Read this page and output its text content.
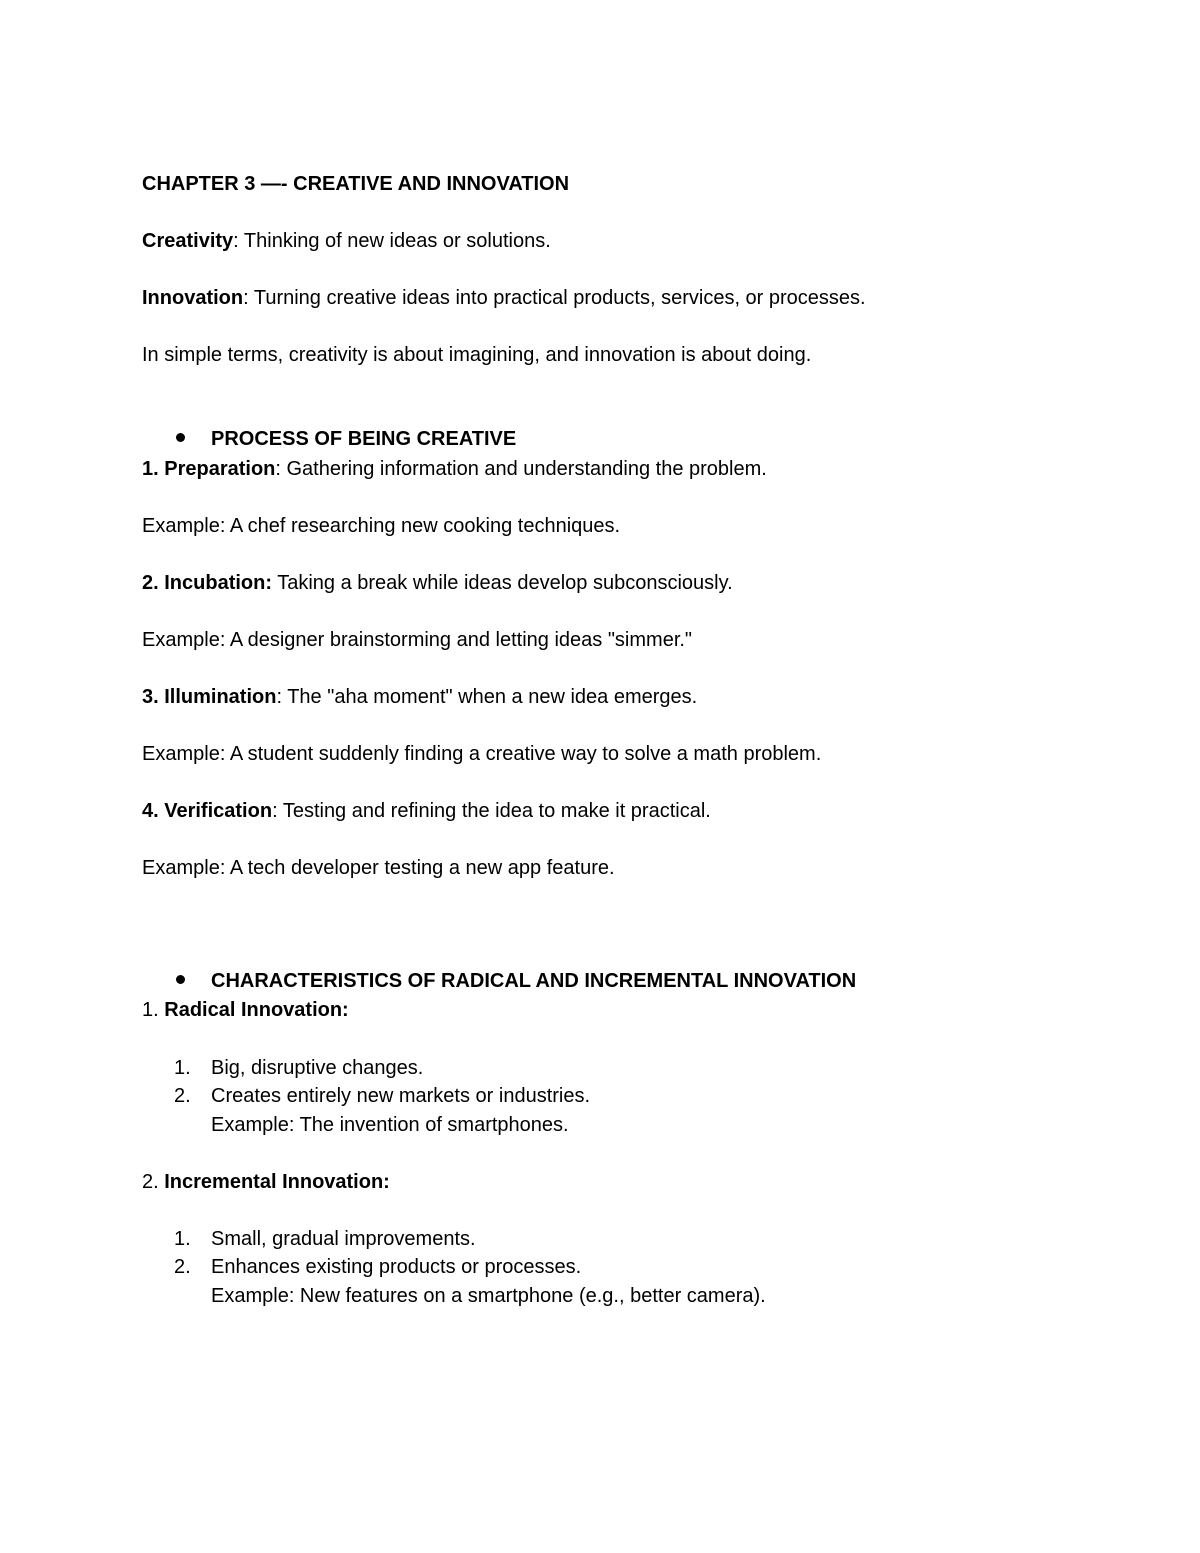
CHAPTER 3 —- CREATIVE AND INNOVATION
Creativity: Thinking of new ideas or solutions.
Innovation: Turning creative ideas into practical products, services, or processes.
In simple terms, creativity is about imagining, and innovation is about doing.
PROCESS OF BEING CREATIVE
1. Preparation: Gathering information and understanding the problem.
Example: A chef researching new cooking techniques.
2. Incubation: Taking a break while ideas develop subconsciously.
Example: A designer brainstorming and letting ideas "simmer."
3. Illumination: The "aha moment" when a new idea emerges.
Example: A student suddenly finding a creative way to solve a math problem.
4. Verification: Testing and refining the idea to make it practical.
Example: A tech developer testing a new app feature.
CHARACTERISTICS OF RADICAL AND INCREMENTAL INNOVATION
1. Radical Innovation:
1. Big, disruptive changes.
2. Creates entirely new markets or industries.
Example: The invention of smartphones.
2. Incremental Innovation:
1. Small, gradual improvements.
2. Enhances existing products or processes.
Example: New features on a smartphone (e.g., better camera).
